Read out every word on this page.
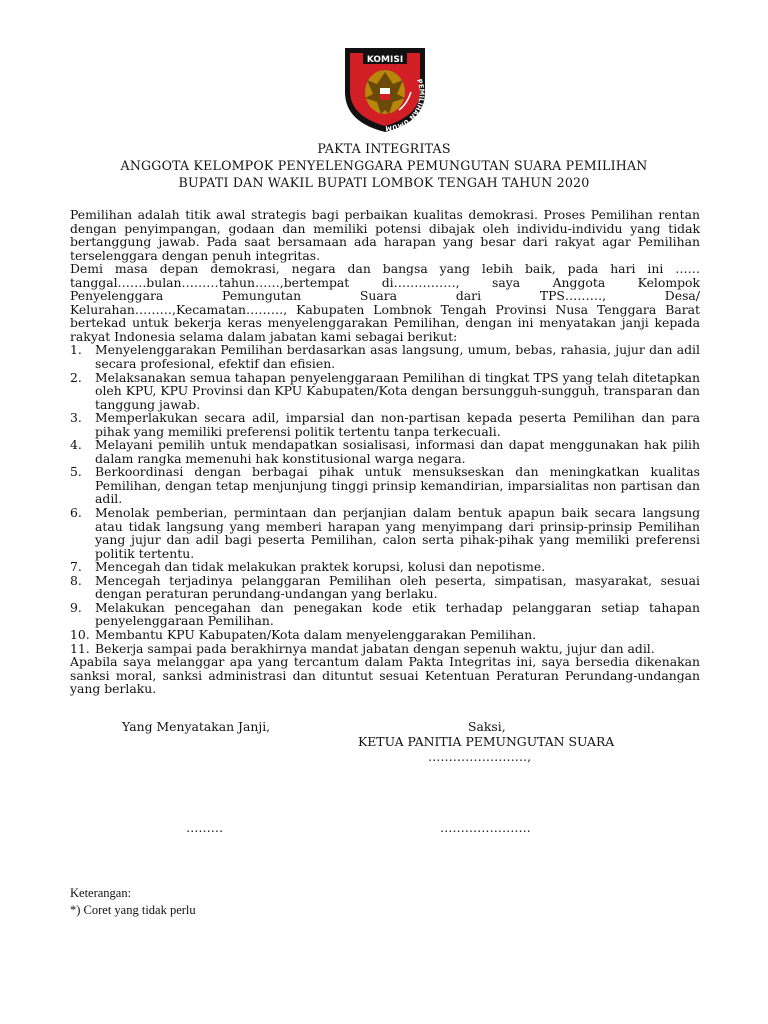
KOMISI
PEMILIHAN UMUM
PAKTA INTEGRITAS
ANGGOTA KELOMPOK PENYELENGGARA PEMUNGUTAN SUARA PEMILIHAN
BUPATI DAN WAKIL BUPATI LOMBOK TENGAH TAHUN 2020
Pemilihan adalah titik awal strategis bagi perbaikan kualitas demokrasi. Proses Pemilihan rentan dengan penyimpangan, godaan dan memiliki potensi dibajak oleh individu-individu yang tidak bertanggung jawab. Pada saat bersamaan ada harapan yang besar dari rakyat agar Pemilihan terselenggara dengan penuh integritas.
Demi masa depan demokrasi, negara dan bangsa yang lebih baik, pada hari ini ……
tanggal…….bulan………tahun……,bertempat di……………, saya Anggota Kelompok
Penyelenggara Pemungutan Suara dari TPS………, Desa/
Kelurahan………,Kecamatan………, Kabupaten Lombnok Tengah Provinsi Nusa Tenggara Barat bertekad untuk bekerja keras menyelenggarakan Pemilihan, dengan ini menyatakan janji kepada rakyat Indonesia selama dalam jabatan kami sebagai berikut:
1. Menyelenggarakan Pemilihan berdasarkan asas langsung, umum, bebas, rahasia, jujur dan adil secara profesional, efektif dan efisien.
2. Melaksanakan semua tahapan penyelenggaraan Pemilihan di tingkat TPS yang telah ditetapkan oleh KPU, KPU Provinsi dan KPU Kabupaten/Kota dengan bersungguh-sungguh, transparan dan tanggung jawab.
3. Memperlakukan secara adil, imparsial dan non-partisan kepada peserta Pemilihan dan para pihak yang memiliki preferensi politik tertentu tanpa terkecuali.
4. Melayani pemilih untuk mendapatkan sosialisasi, informasi dan dapat menggunakan hak pilih dalam rangka memenuhi hak konstitusional warga negara.
5. Berkoordinasi dengan berbagai pihak untuk mensukseskan dan meningkatkan kualitas Pemilihan, dengan tetap menjunjung tinggi prinsip kemandirian, imparsialitas non partisan dan adil.
6. Menolak pemberian, permintaan dan perjanjian dalam bentuk apapun baik secara langsung atau tidak langsung yang memberi harapan yang menyimpang dari prinsip-prinsip Pemilihan yang jujur dan adil bagi peserta Pemilihan, calon serta pihak-pihak yang memiliki preferensi politik tertentu.
7. Mencegah dan tidak melakukan praktek korupsi, kolusi dan nepotisme.
8. Mencegah terjadinya pelanggaran Pemilihan oleh peserta, simpatisan, masyarakat, sesuai dengan peraturan perundang-undangan yang berlaku.
9. Melakukan pencegahan dan penegakan kode etik terhadap pelanggaran setiap tahapan penyelenggaraan Pemilihan.
10. Membantu KPU Kabupaten/Kota dalam menyelenggarakan Pemilihan.
11. Bekerja sampai pada berakhirnya mandat jabatan dengan sepenuh waktu, jujur dan adil.
Apabila saya melanggar apa yang tercantum dalam Pakta Integritas ini, saya bersedia dikenakan sanksi moral, sanksi administrasi dan dituntut sesuai Ketentuan Peraturan Perundang-undangan yang berlaku.
Yang Menyatakan Janji,	Saksi,
KETUA PANITIA PEMUNGUTAN SUARA
……………………,
………	………………….
Keterangan:
*) Coret yang tidak perlu
